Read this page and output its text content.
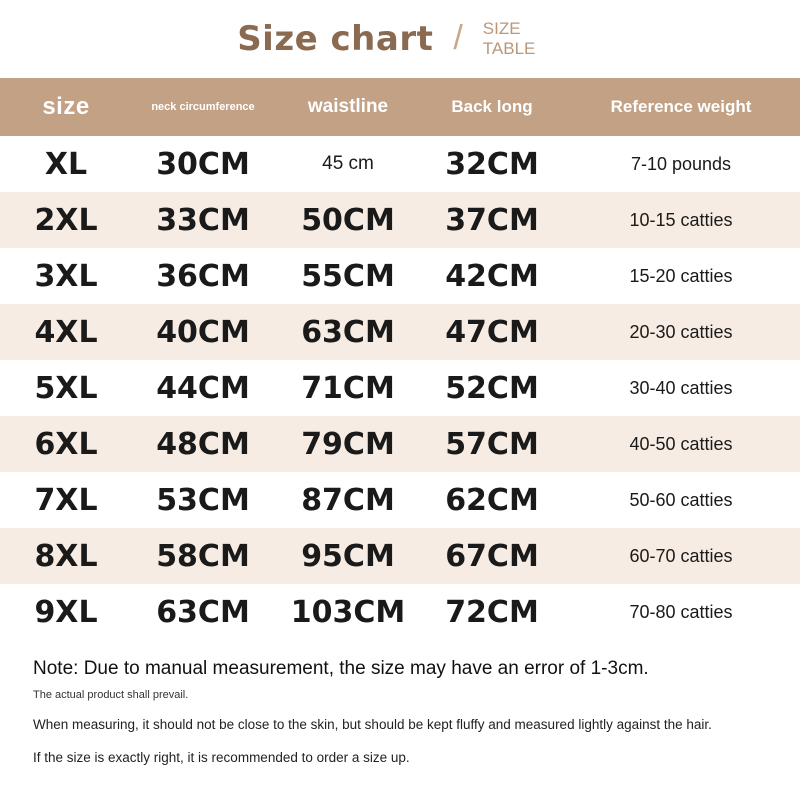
Size chart / SIZE TABLE
size	neck circumference	waistline	Back long	Reference weight
XL	30CM	45 cm	32CM	7-10 pounds
2XL	33CM	50CM	37CM	10-15 catties
3XL	36CM	55CM	42CM	15-20 catties
4XL	40CM	63CM	47CM	20-30 catties
5XL	44CM	71CM	52CM	30-40 catties
6XL	48CM	79CM	57CM	40-50 catties
7XL	53CM	87CM	62CM	50-60 catties
8XL	58CM	95CM	67CM	60-70 catties
9XL	63CM	103CM	72CM	70-80 catties
Note: Due to manual measurement, the size may have an error of 1-3cm.
The actual product shall prevail.
When measuring, it should not be close to the skin, but should be kept fluffy and measured lightly against the hair.
If the size is exactly right, it is recommended to order a size up.
